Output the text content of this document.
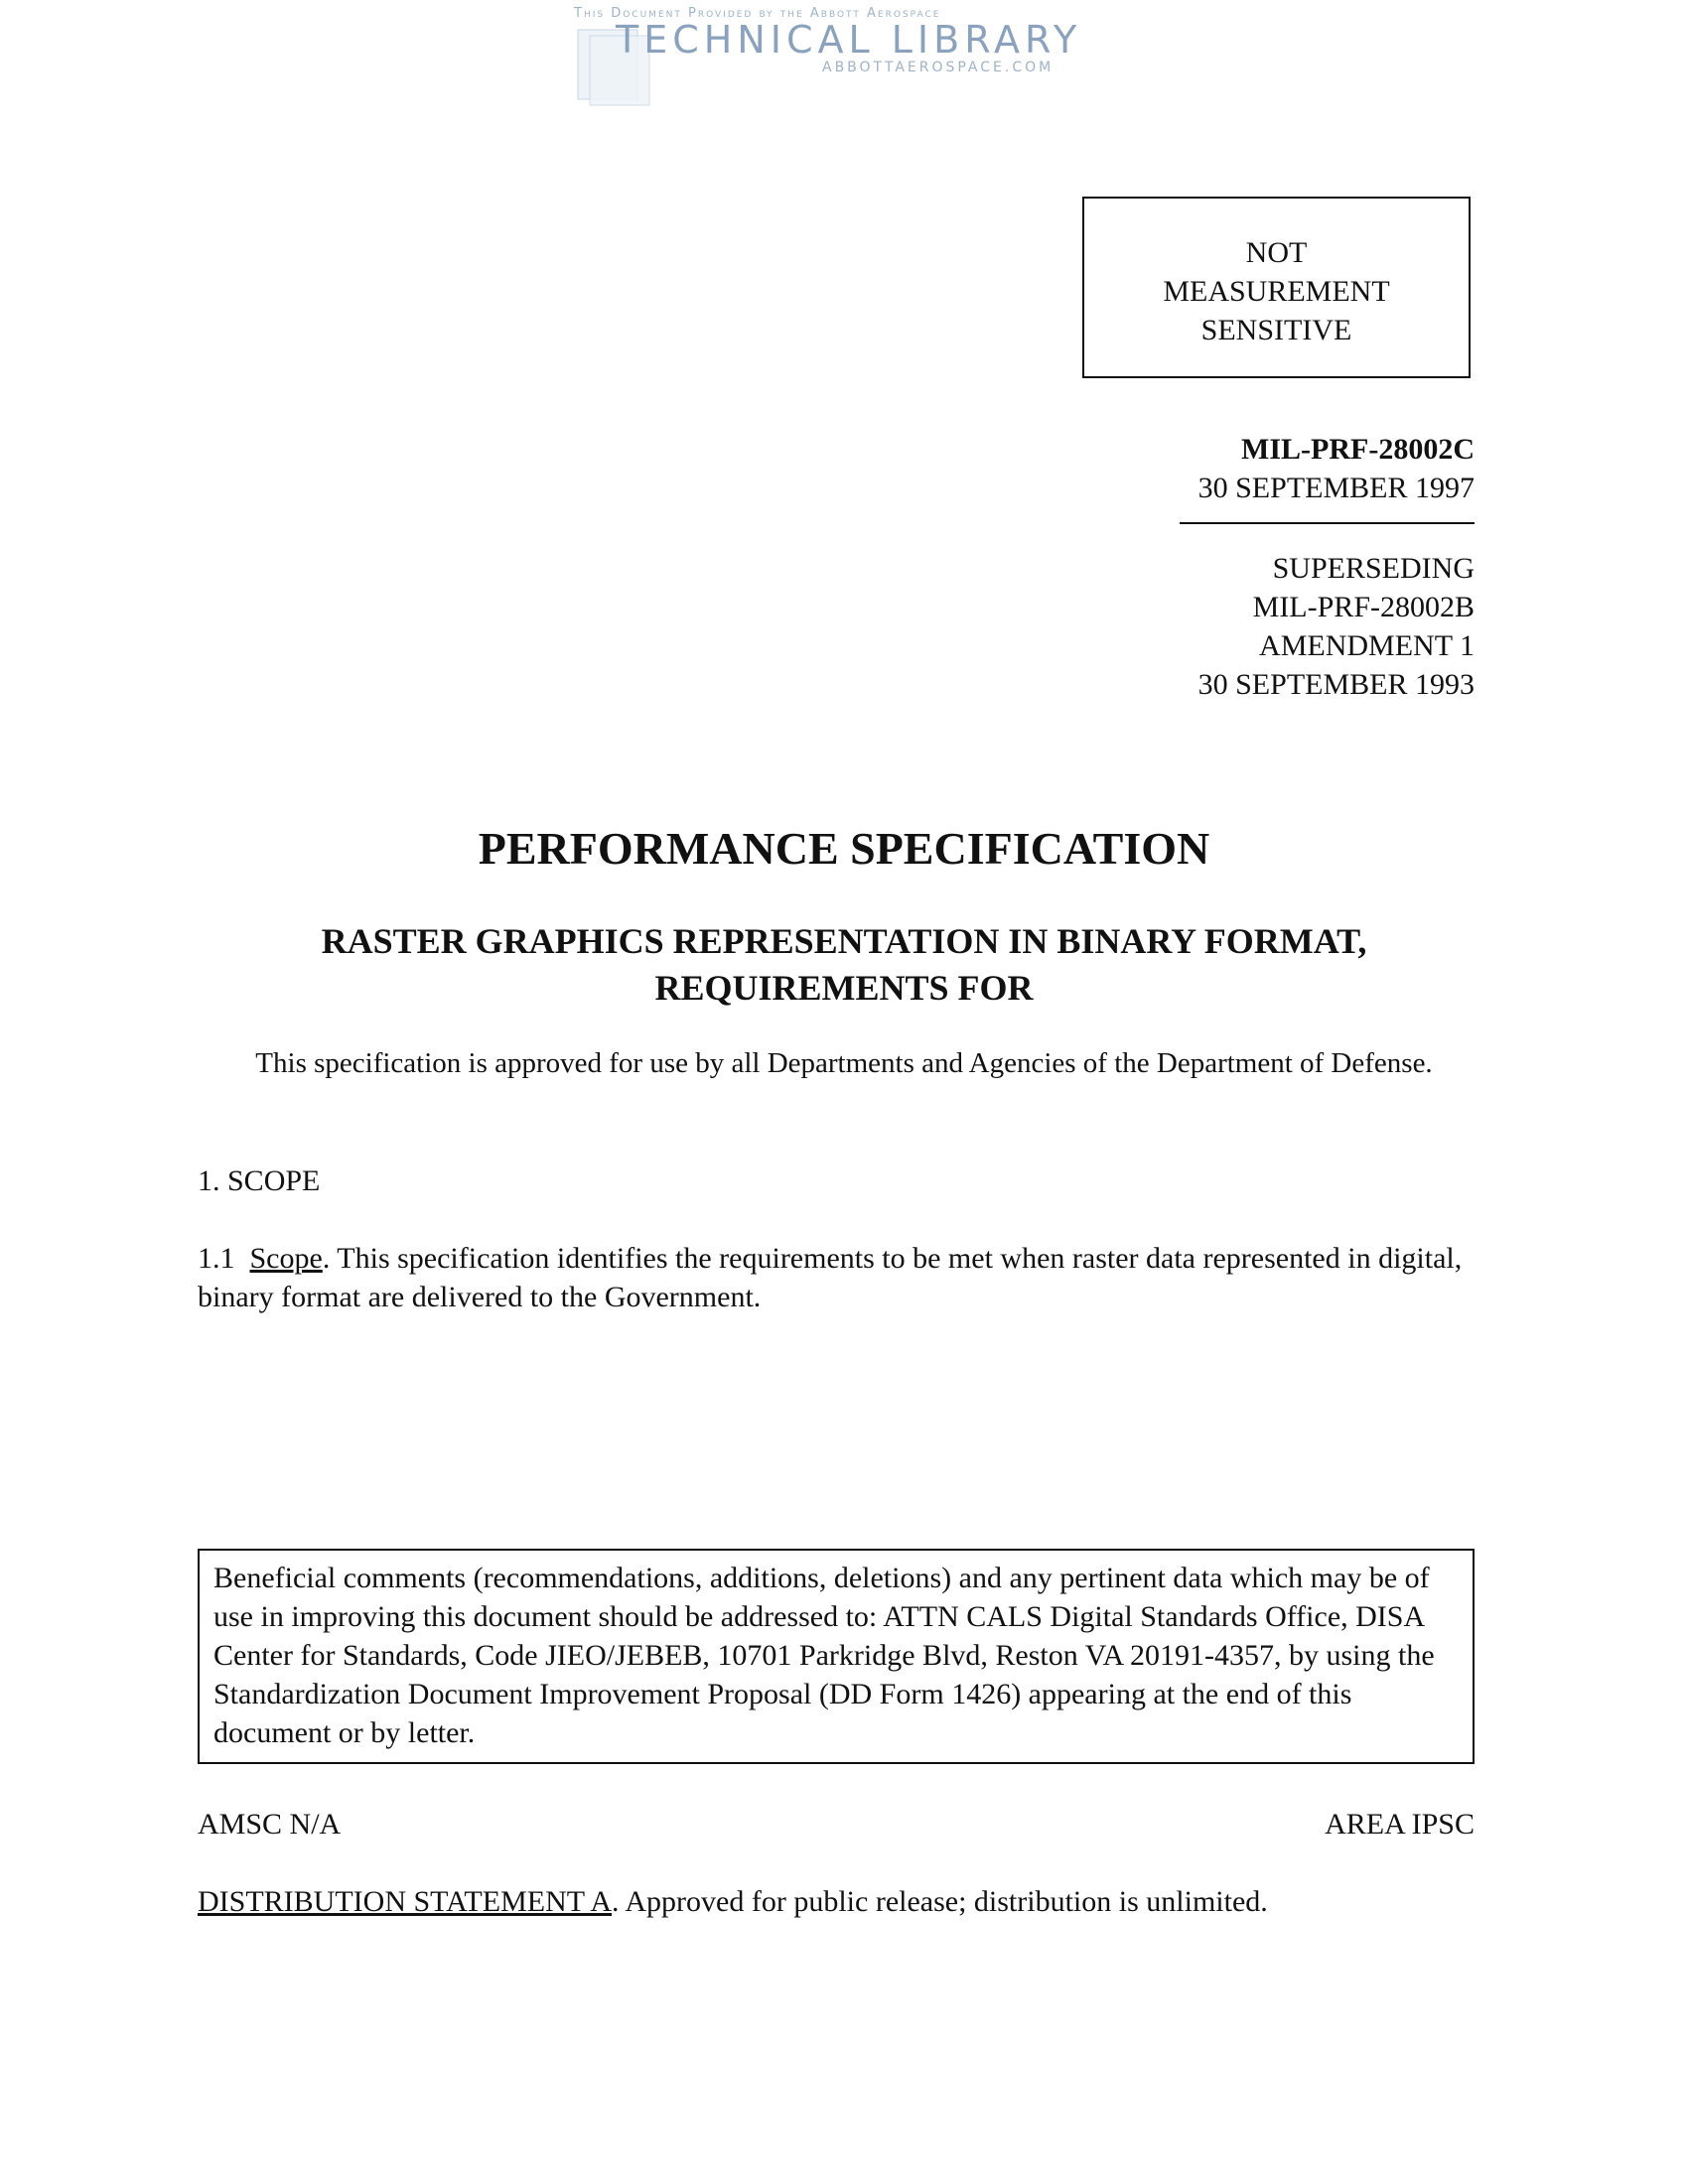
This Document Provided by the Abbott Aerospace
TECHNICAL LIBRARY
ABBOTTAEROSPACE.COM
NOT
MEASUREMENT
SENSITIVE
MIL-PRF-28002C
30 SEPTEMBER 1997
SUPERSEDING
MIL-PRF-28002B
AMENDMENT 1
30 SEPTEMBER 1993
PERFORMANCE SPECIFICATION
RASTER GRAPHICS REPRESENTATION IN BINARY FORMAT,
REQUIREMENTS FOR
This specification is approved for use by all Departments and Agencies of the Department of Defense.
1. SCOPE
1.1 Scope. This specification identifies the requirements to be met when raster data represented in digital, binary format are delivered to the Government.
Beneficial comments (recommendations, additions, deletions) and any pertinent data which may be of use in improving this document should be addressed to: ATTN CALS Digital Standards Office, DISA Center for Standards, Code JIEO/JEBEB, 10701 Parkridge Blvd, Reston VA 20191-4357, by using the Standardization Document Improvement Proposal (DD Form 1426) appearing at the end of this document or by letter.
AMSC N/A	AREA IPSC
DISTRIBUTION STATEMENT A. Approved for public release; distribution is unlimited.
